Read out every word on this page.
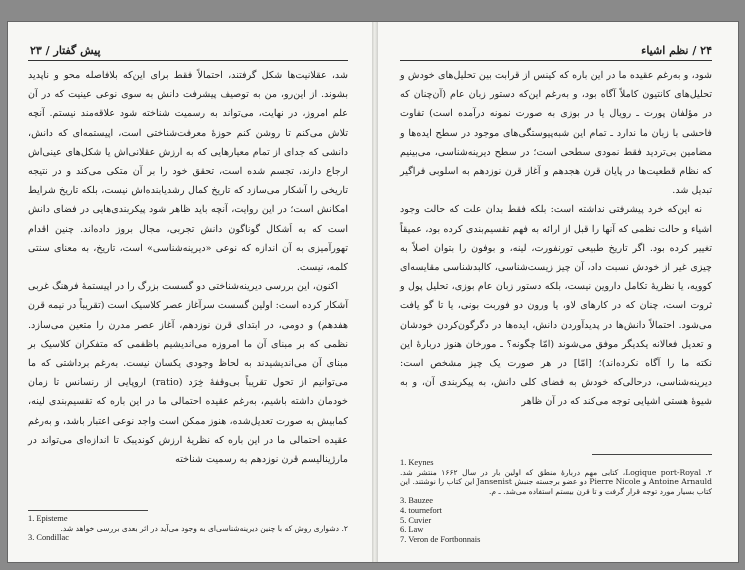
پیش گفتار / ۲۳

شد، عقلانیت‌ها شکل گرفتند، احتمالاً فقط برای این‌که بلافاصله محو و ناپدید بشوند. از این‌رو، من به توصیف پیشرفت دانش به سوی نوعی عینیت که در آن علم امروز، در نهایت، می‌تواند به رسمیت شناخته شود علاقه‌مند نیستم. آنچه تلاش می‌کنم تا روشن کنم حوزهٔ معرفت‌شناختی است، اپیستمه‌ای که دانش، دانشی که جدای از تمام معیارهایی که به ارزش عقلانی‌اش یا شکل‌های عینی‌اش ارجاع دارند، تجسم شده است، تحقق خود را بر آن متکی می‌کند و در نتیجه تاریخی را آشکار می‌سازد که تاریخ کمال رشدیابنده‌اش نیست، بلکه تاریخ شرایط امکانش است؛ در این روایت، آنچه باید ظاهر شود پیکربندی‌هایی در فضای دانش است که به اَشکال گوناگون دانش تجربی، مجال بروز داده‌اند. چنین اقدام تهورآمیزی به آن اندازه که نوعی «دیرینه‌شناسی» است، تاریخ، به معنای سنتی کلمه، نیست.

اکنون، این بررسی دیرینه‌شناختی دو گسست بزرگ را در اپیستمهٔ فرهنگ غربی آشکار کرده است: اولین گسست سرآغاز عصر کلاسیک است (تقریباً در نیمه قرن هفدهم) و دومی، در ابتدای قرن نوزدهم، آغاز عصر مدرن را متعین می‌سازد. نظمی که بر مبنای آن ما امروزه می‌اندیشیم باظفمی که متفکران کلاسیک بر مبنای آن می‌اندیشیدند به لحاظ وجودی یکسان نیست. به‌رغم برداشتی که ما می‌توانیم از تحول تقریباً بی‌وقفهٔ خِرَد (ratio) اروپایی از رنسانس تا زمان خودمان داشته باشیم، به‌رغم عقیده احتمالی ما در این باره که تقسیم‌بندی لینه، کمابیش به صورت تعدیل‌شده، هنوز ممکن است واجد نوعی اعتبار باشد، و به‌رغم عقیده احتمالی ما در این باره که نظریهٔ ارزش کوندیبک تا اندازه‌ای می‌تواند در مارژینالیسم قرن نوزدهم به رسمیت شناخته

1. Episteme
۲. دشواری روش که با چنین دیرینه‌شناسی‌ای به وجود می‌آید در اثر بعدی بررسی خواهد شد.
3. Condillac
۲۴ / نظم اشیاء

شود، و به‌رغم عقیده ما در این باره که کینس از قرابت بین تحلیل‌های خودش و تحلیل‌های کانتیون کاملاً آگاه بود، و به‌رغم این‌که دستور زبان عام (آن‌چنان که در مؤلفان پورت ـ رویال یا در بوزی به صورت نمونه درآمده است) تفاوت فاحشی با زبان ما ندارد ـ تمام این شبه‌پیوستگی‌های موجود در سطح ایده‌ها و مضامین بی‌تردید فقط نمودی سطحی است؛ در سطح دیرینه‌شناسی، می‌بینیم که نظام قطعیت‌ها در پایان قرن هجدهم و آغاز قرن نوزدهم به اسلوبی فراگیر تبدیل شد.

نه این‌که خرد پیشرفتی نداشته است: بلکه فقط بدان علت که حالت وجود اشیاء و حالت نظمی که آنها را قبل از ارائه به فهم تقسیم‌بندی کرده بود، عمیقاً تغییر کرده بود. اگر تاریخ طبیعی تورنفورت، لینه، و بوفون را بتوان اصلاً به چیزی غیر از خودش نسبت داد، آن چیز زیست‌شناسی، کالبدشناسی مقایسه‌ای کوویه، یا نظریهٔ تکامل داروین نیست، بلکه دستور زبان عام بوزی، تحلیل پول و ثروت است، چنان که در کارهای لاو، یا ورون دو فوربت بونی، یا تا گو یافت می‌شود. احتمالاً دانش‌ها در پدیدآوردن دانش، ایده‌ها در دگرگون‌کردن خودشان و تعدیل فعالانه یکدیگر موفق می‌شوند (امّا چگونه؟ ـ مورخان هنوز دربارهٔ این نکته ما را آگاه نکرده‌اند)؛ [امّا] در هر صورت یک چیز مشخص است: دیرینه‌شناسی، درحالی‌که خودش به فضای کلی دانش، به پیکربندی آن، و به شیوهٔ هستی اشیایی توجه می‌کند که در آن ظاهر

1. Keynes
۲. Logique port-Royal، کتابی مهم دربارهٔ منطق که اولین بار در سال ۱۶۶۲ منتشر شد. Antoine Arnauld و Pierre Nicole دو عضو برجسته جنبش Jansenist این کتاب را نوشتند. این کتاب بسیار مورد توجه قرار گرفت و تا قرن بیستم استفاده می‌شد. ـ م.
3. Bauzee
4. tournefort
5. Cuvier
6. Law
7. Veron de Fortbonnais
